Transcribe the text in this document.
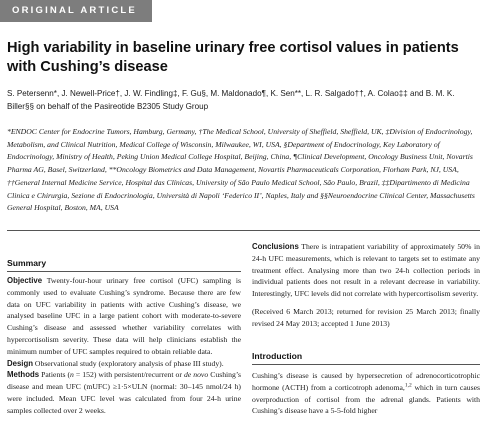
ORIGINAL ARTICLE
High variability in baseline urinary free cortisol values in patients with Cushing’s disease
S. Petersenn*, J. Newell-Price†, J. W. Findling‡, F. Gu§, M. Maldonado¶, K. Sen**, L. R. Salgado††, A. Colao‡‡ and B. M. K. Biller§§ on behalf of the Pasireotide B2305 Study Group
*ENDOC Center for Endocrine Tumors, Hamburg, Germany, †The Medical School, University of Sheffield, Sheffield, UK, ‡Division of Endocrinology, Metabolism, and Clinical Nutrition, Medical College of Wisconsin, Milwaukee, WI, USA, §Department of Endocrinology, Key Laboratory of Endocrinology, Ministry of Health, Peking Union Medical College Hospital, Beijing, China, ¶Clinical Development, Oncology Business Unit, Novartis Pharma AG, Basel, Switzerland, **Oncology Biometrics and Data Management, Novartis Pharmaceuticals Corporation, Florham Park, NJ, USA, ††General Internal Medicine Service, Hospital das Clínicas, University of São Paulo Medical School, São Paulo, Brazil, ‡‡Dipartimento di Medicina Clinica e Chirurgia, Sezione di Endocrinologia, Università di Napoli ‘Federico II’, Naples, Italy and §§Neuroendocrine Clinical Center, Massachusetts General Hospital, Boston, MA, USA
Summary

Objective Twenty-four-hour urinary free cortisol (UFC) sampling is commonly used to evaluate Cushing’s syndrome. Because there are few data on UFC variability in patients with active Cushing’s disease, we analysed baseline UFC in a large patient cohort with moderate-to-severe Cushing’s disease and assessed whether variability correlates with hypercortisolism severity. These data will help clinicians establish the minimum number of UFC samples required to obtain reliable data.

Design Observational study (exploratory analysis of phase III study).

Methods Patients (n = 152) with persistent/recurrent or de novo Cushing’s disease and mean UFC (mUFC) ≥1·5×ULN (normal: 30–145 nmol/24 h) were included. Mean UFC level was calculated from four 24-h urine samples collected over 2 weeks.

Conclusions There is intrapatient variability of approximately 50% in 24-h UFC measurements, which is relevant to targets set to estimate any treatment effect. Analysing more than two 24-h collection periods in individual patients does not result in a relevant decrease in variability. Interestingly, UFC levels did not correlate with hypercortisolism severity.

(Received 6 March 2013; returned for revision 25 March 2013; finally revised 24 May 2013; accepted 1 June 2013)

Introduction

Cushing’s disease is caused by hypersecretion of adrenocorticotrophic hormone (ACTH) from a corticotroph adenoma,$^{1,2}$ which in turn causes overproduction of cortisol from the adrenal glands. Patients with Cushing’s disease have a 5-5-fold higher
